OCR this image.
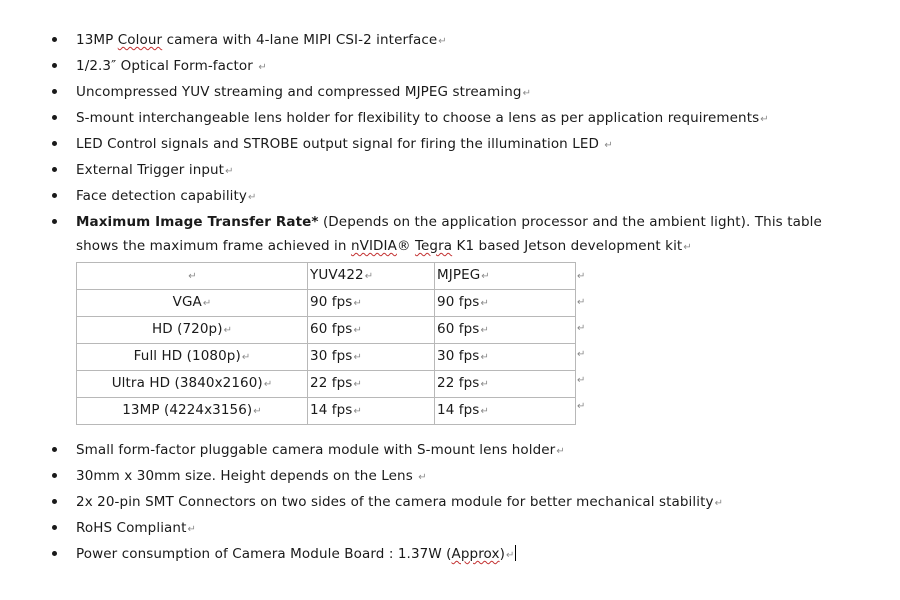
13MP Colour camera with 4-lane MIPI CSI-2 interface↵
1/2.3″ Optical Form-factor ↵
Uncompressed YUV streaming and compressed MJPEG streaming↵
S-mount interchangeable lens holder for flexibility to choose a lens as per application requirements↵
LED Control signals and STROBE output signal for firing the illumination LED ↵
External Trigger input↵
Face detection capability↵
Maximum Image Transfer Rate* (Depends on the application processor and the ambient light). This table shows the maximum frame achieved in nVIDIA® Tegra K1 based Jetson development kit↵
↵	YUV422↵	MJPEG↵
VGA↵	90 fps↵	90 fps↵
HD (720p)↵	60 fps↵	60 fps↵
Full HD (1080p)↵	30 fps↵	30 fps↵
Ultra HD (3840x2160)↵	22 fps↵	22 fps↵
13MP (4224x3156)↵	14 fps↵	14 fps↵
↵
↵
↵
↵
↵
↵
Small form-factor pluggable camera module with S-mount lens holder↵
30mm x 30mm size. Height depends on the Lens ↵
2x 20-pin SMT Connectors on two sides of the camera module for better mechanical stability↵
RoHS Compliant↵
Power consumption of Camera Module Board : 1.37W (Approx)↵
